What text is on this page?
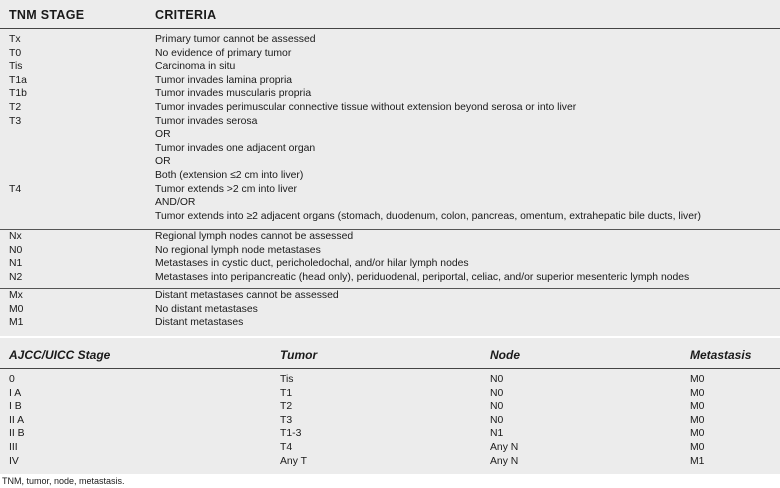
TNM STAGE	CRITERIA
Tx	Primary tumor cannot be assessed
T0	No evidence of primary tumor
Tis	Carcinoma in situ
T1a	Tumor invades lamina propria
T1b	Tumor invades muscularis propria
T2	Tumor invades perimuscular connective tissue without extension beyond serosa or into liver
T3	Tumor invades serosa
OR
Tumor invades one adjacent organ
OR
Both (extension ≤2 cm into liver)
T4	Tumor extends >2 cm into liver
AND/OR
Tumor extends into ≥2 adjacent organs (stomach, duodenum, colon, pancreas, omentum, extrahepatic bile ducts, liver)
Nx	Regional lymph nodes cannot be assessed
N0	No regional lymph node metastases
N1	Metastases in cystic duct, pericholedochal, and/or hilar lymph nodes
N2	Metastases into peripancreatic (head only), periduodenal, periportal, celiac, and/or superior mesenteric lymph nodes
Mx	Distant metastases cannot be assessed
M0	No distant metastases
M1	Distant metastases
AJCC/UICC Stage	Tumor	Node	Metastasis
0	Tis	N0	M0
I A	T1	N0	M0
I B	T2	N0	M0
II A	T3	N0	M0
II B	T1-3	N1	M0
III	T4	Any N	M0
IV	Any T	Any N	M1
TNM, tumor, node, metastasis.
